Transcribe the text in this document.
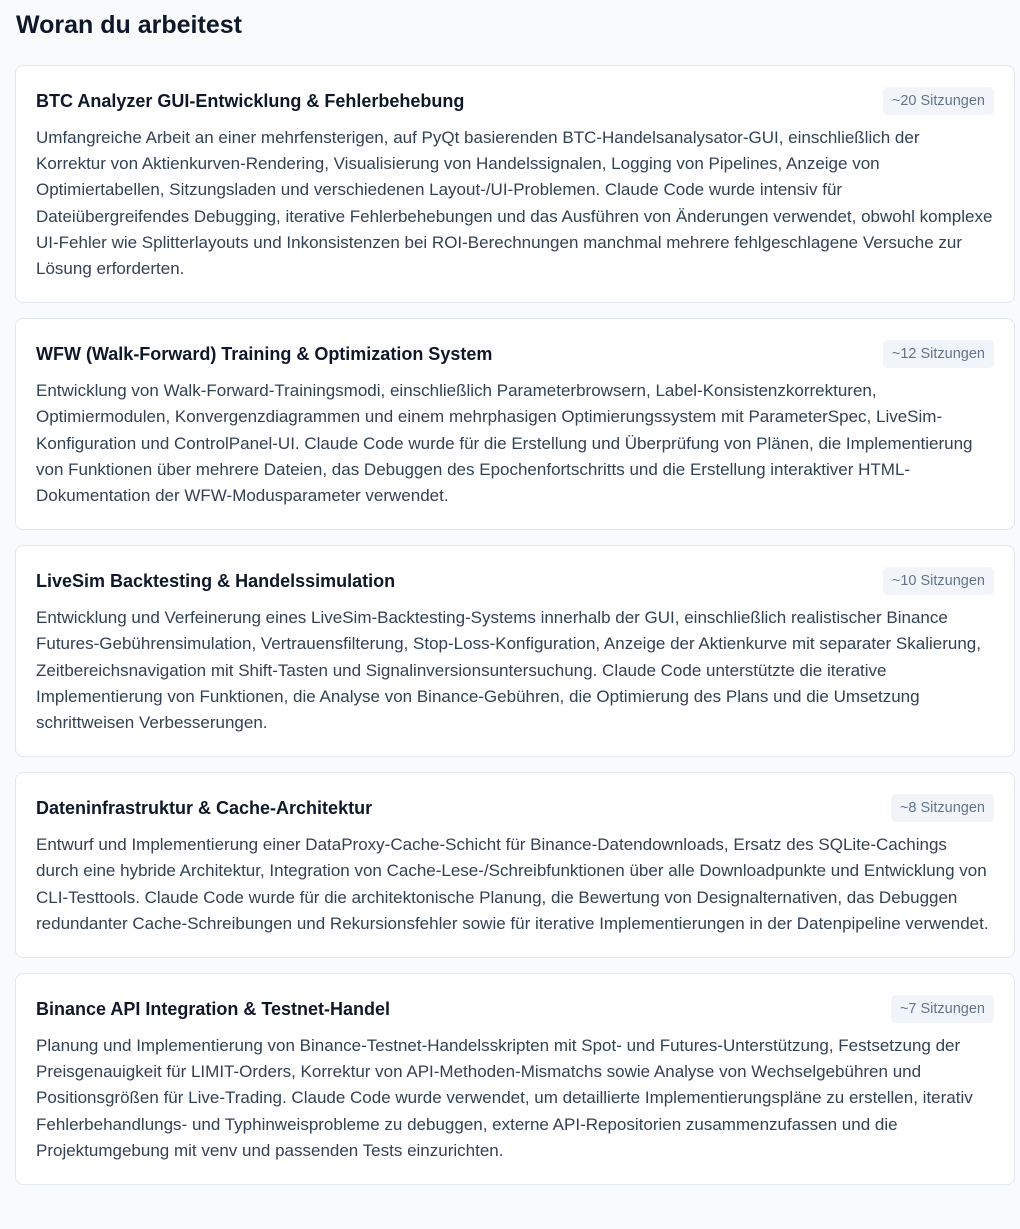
Woran du arbeitest
BTC Analyzer GUI-Entwicklung & Fehlerbehebung	~20 Sitzungen

Umfangreiche Arbeit an einer mehrfensterigen, auf PyQt basierenden BTC-Handelsanalysator-GUI, einschließlich der Korrektur von Aktienkurven-Rendering, Visualisierung von Handelssignalen, Logging von Pipelines, Anzeige von Optimiertabellen, Sitzungsladen und verschiedenen Layout-/UI-Problemen. Claude Code wurde intensiv für Dateiübergreifendes Debugging, iterative Fehlerbehebungen und das Ausführen von Änderungen verwendet, obwohl komplexe UI-Fehler wie Splitterlayouts und Inkonsistenzen bei ROI-Berechnungen manchmal mehrere fehlgeschlagene Versuche zur Lösung erforderten.

WFW (Walk-Forward) Training & Optimization System	~12 Sitzungen

Entwicklung von Walk-Forward-Trainingsmodi, einschließlich Parameterbrowsern, Label-Konsistenzkorrekturen, Optimiermodulen, Konvergenzdiagrammen und einem mehrphasigen Optimierungssystem mit ParameterSpec, LiveSim-Konfiguration und ControlPanel-UI. Claude Code wurde für die Erstellung und Überprüfung von Plänen, die Implementierung von Funktionen über mehrere Dateien, das Debuggen des Epochenfortschritts und die Erstellung interaktiver HTML-Dokumentation der WFW-Modusparameter verwendet.

LiveSim Backtesting & Handelssimulation	~10 Sitzungen

Entwicklung und Verfeinerung eines LiveSim-Backtesting-Systems innerhalb der GUI, einschließlich realistischer Binance Futures-Gebührensimulation, Vertrauensfilterung, Stop-Loss-Konfiguration, Anzeige der Aktienkurve mit separater Skalierung, Zeitbereichsnavigation mit Shift-Tasten und Signalinversionsuntersuchung. Claude Code unterstützte die iterative Implementierung von Funktionen, die Analyse von Binance-Gebühren, die Optimierung des Plans und die Umsetzung schrittweisen Verbesserungen.

Dateninfrastruktur & Cache-Architektur	~8 Sitzungen

Entwurf und Implementierung einer DataProxy-Cache-Schicht für Binance-Datendownloads, Ersatz des SQLite-Cachings durch eine hybride Architektur, Integration von Cache-Lese-/Schreibfunktionen über alle Downloadpunkte und Entwicklung von CLI-Testtools. Claude Code wurde für die architektonische Planung, die Bewertung von Designalternativen, das Debuggen redundanter Cache-Schreibungen und Rekursionsfehler sowie für iterative Implementierungen in der Datenpipeline verwendet.

Binance API Integration & Testnet-Handel	~7 Sitzungen

Planung und Implementierung von Binance-Testnet-Handelsskripten mit Spot- und Futures-Unterstützung, Festsetzung der Preisgenauigkeit für LIMIT-Orders, Korrektur von API-Methoden-Mismatchs sowie Analyse von Wechselgebühren und Positionsgrößen für Live-Trading. Claude Code wurde verwendet, um detaillierte Implementierungspläne zu erstellen, iterativ Fehlerbehandlungs- und Typhinweisprobleme zu debuggen, externe API-Repositorien zusammenzufassen und die Projektumgebung mit venv und passenden Tests einzurichten.
